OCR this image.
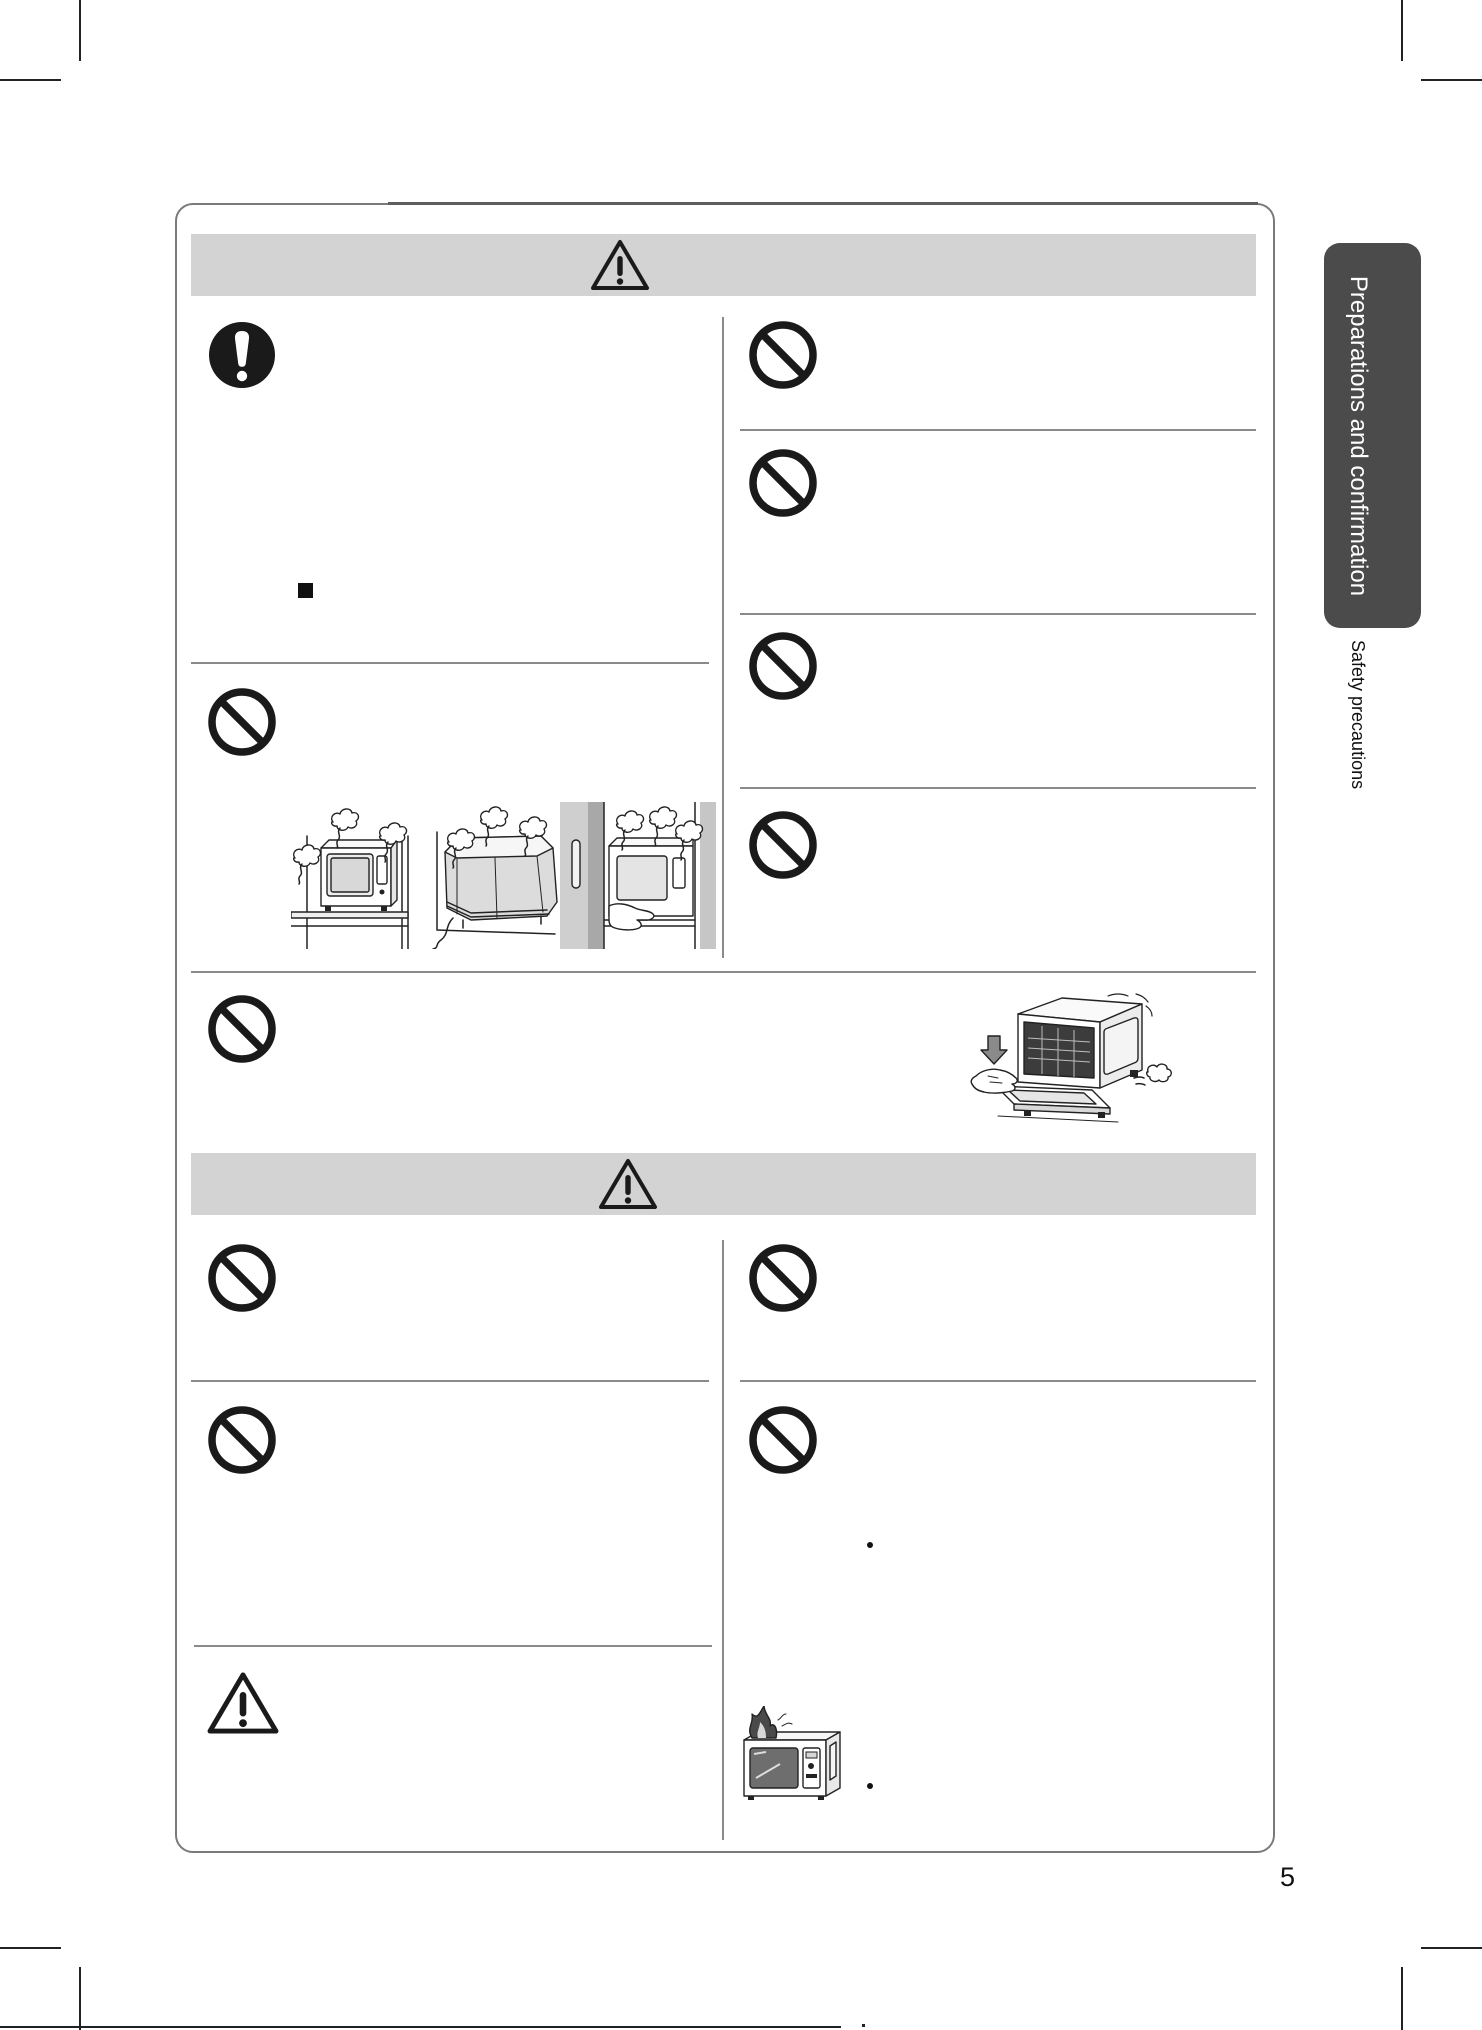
Preparations and confirmation
Safety precautions
5
